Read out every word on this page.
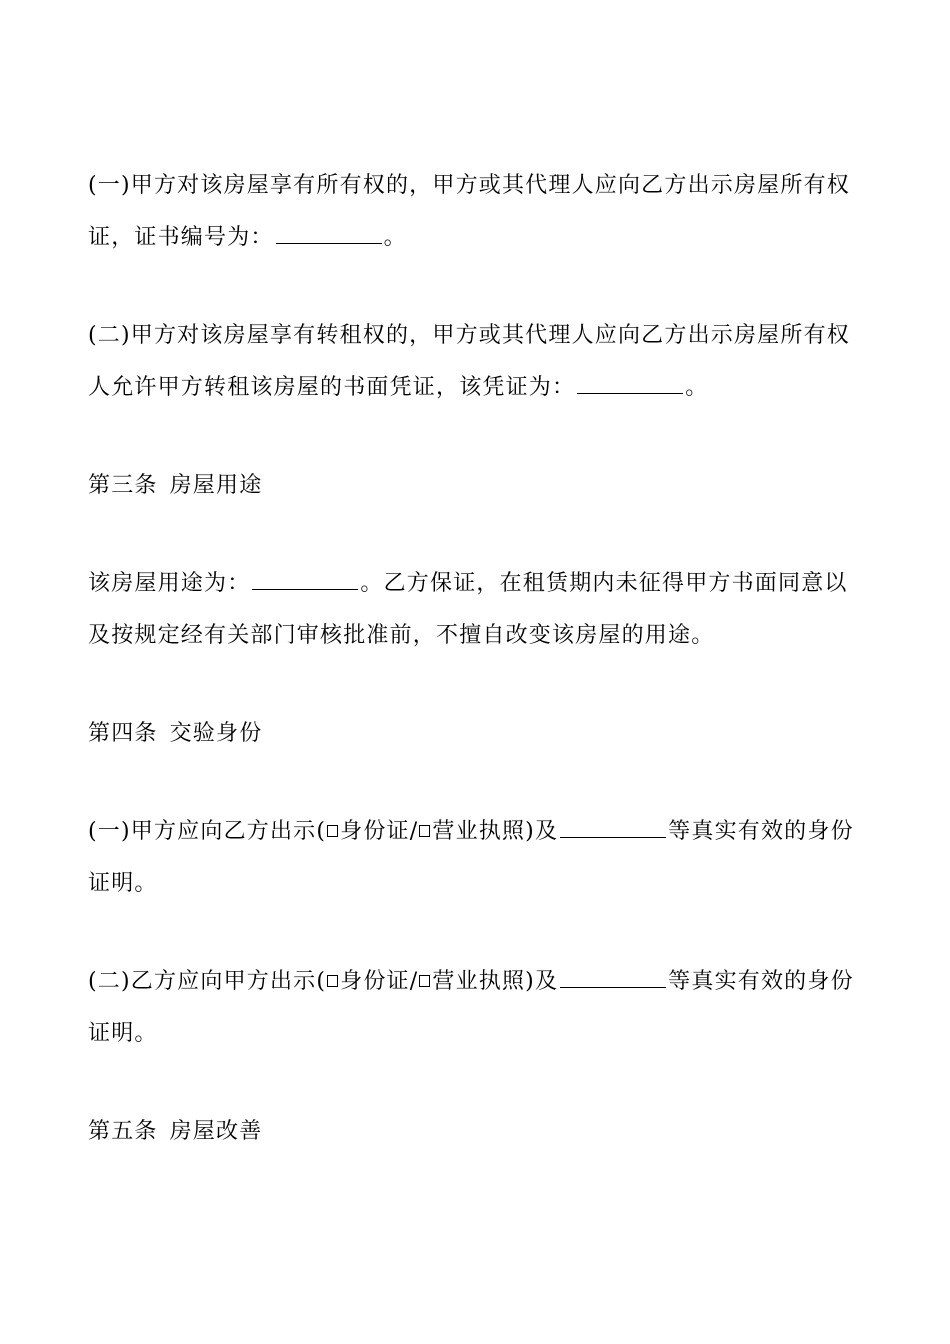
(一)甲方对该房屋享有所有权的，甲方或其代理人应向乙方出示房屋所有权证，证书编号为：	。
(二)甲方对该房屋享有转租权的，甲方或其代理人应向乙方出示房屋所有权人允许甲方转租该房屋的书面凭证，该凭证为：	。
第三条 房屋用途
该房屋用途为：	。乙方保证，在租赁期内未征得甲方书面同意以及按规定经有关部门审核批准前，不擅自改变该房屋的用途。
第四条 交验身份
(一)甲方应向乙方出示( 身份证/ 营业执照)及	等真实有效的身份证明。
(二)乙方应向甲方出示( 身份证/ 营业执照)及	等真实有效的身份证明。
第五条 房屋改善
